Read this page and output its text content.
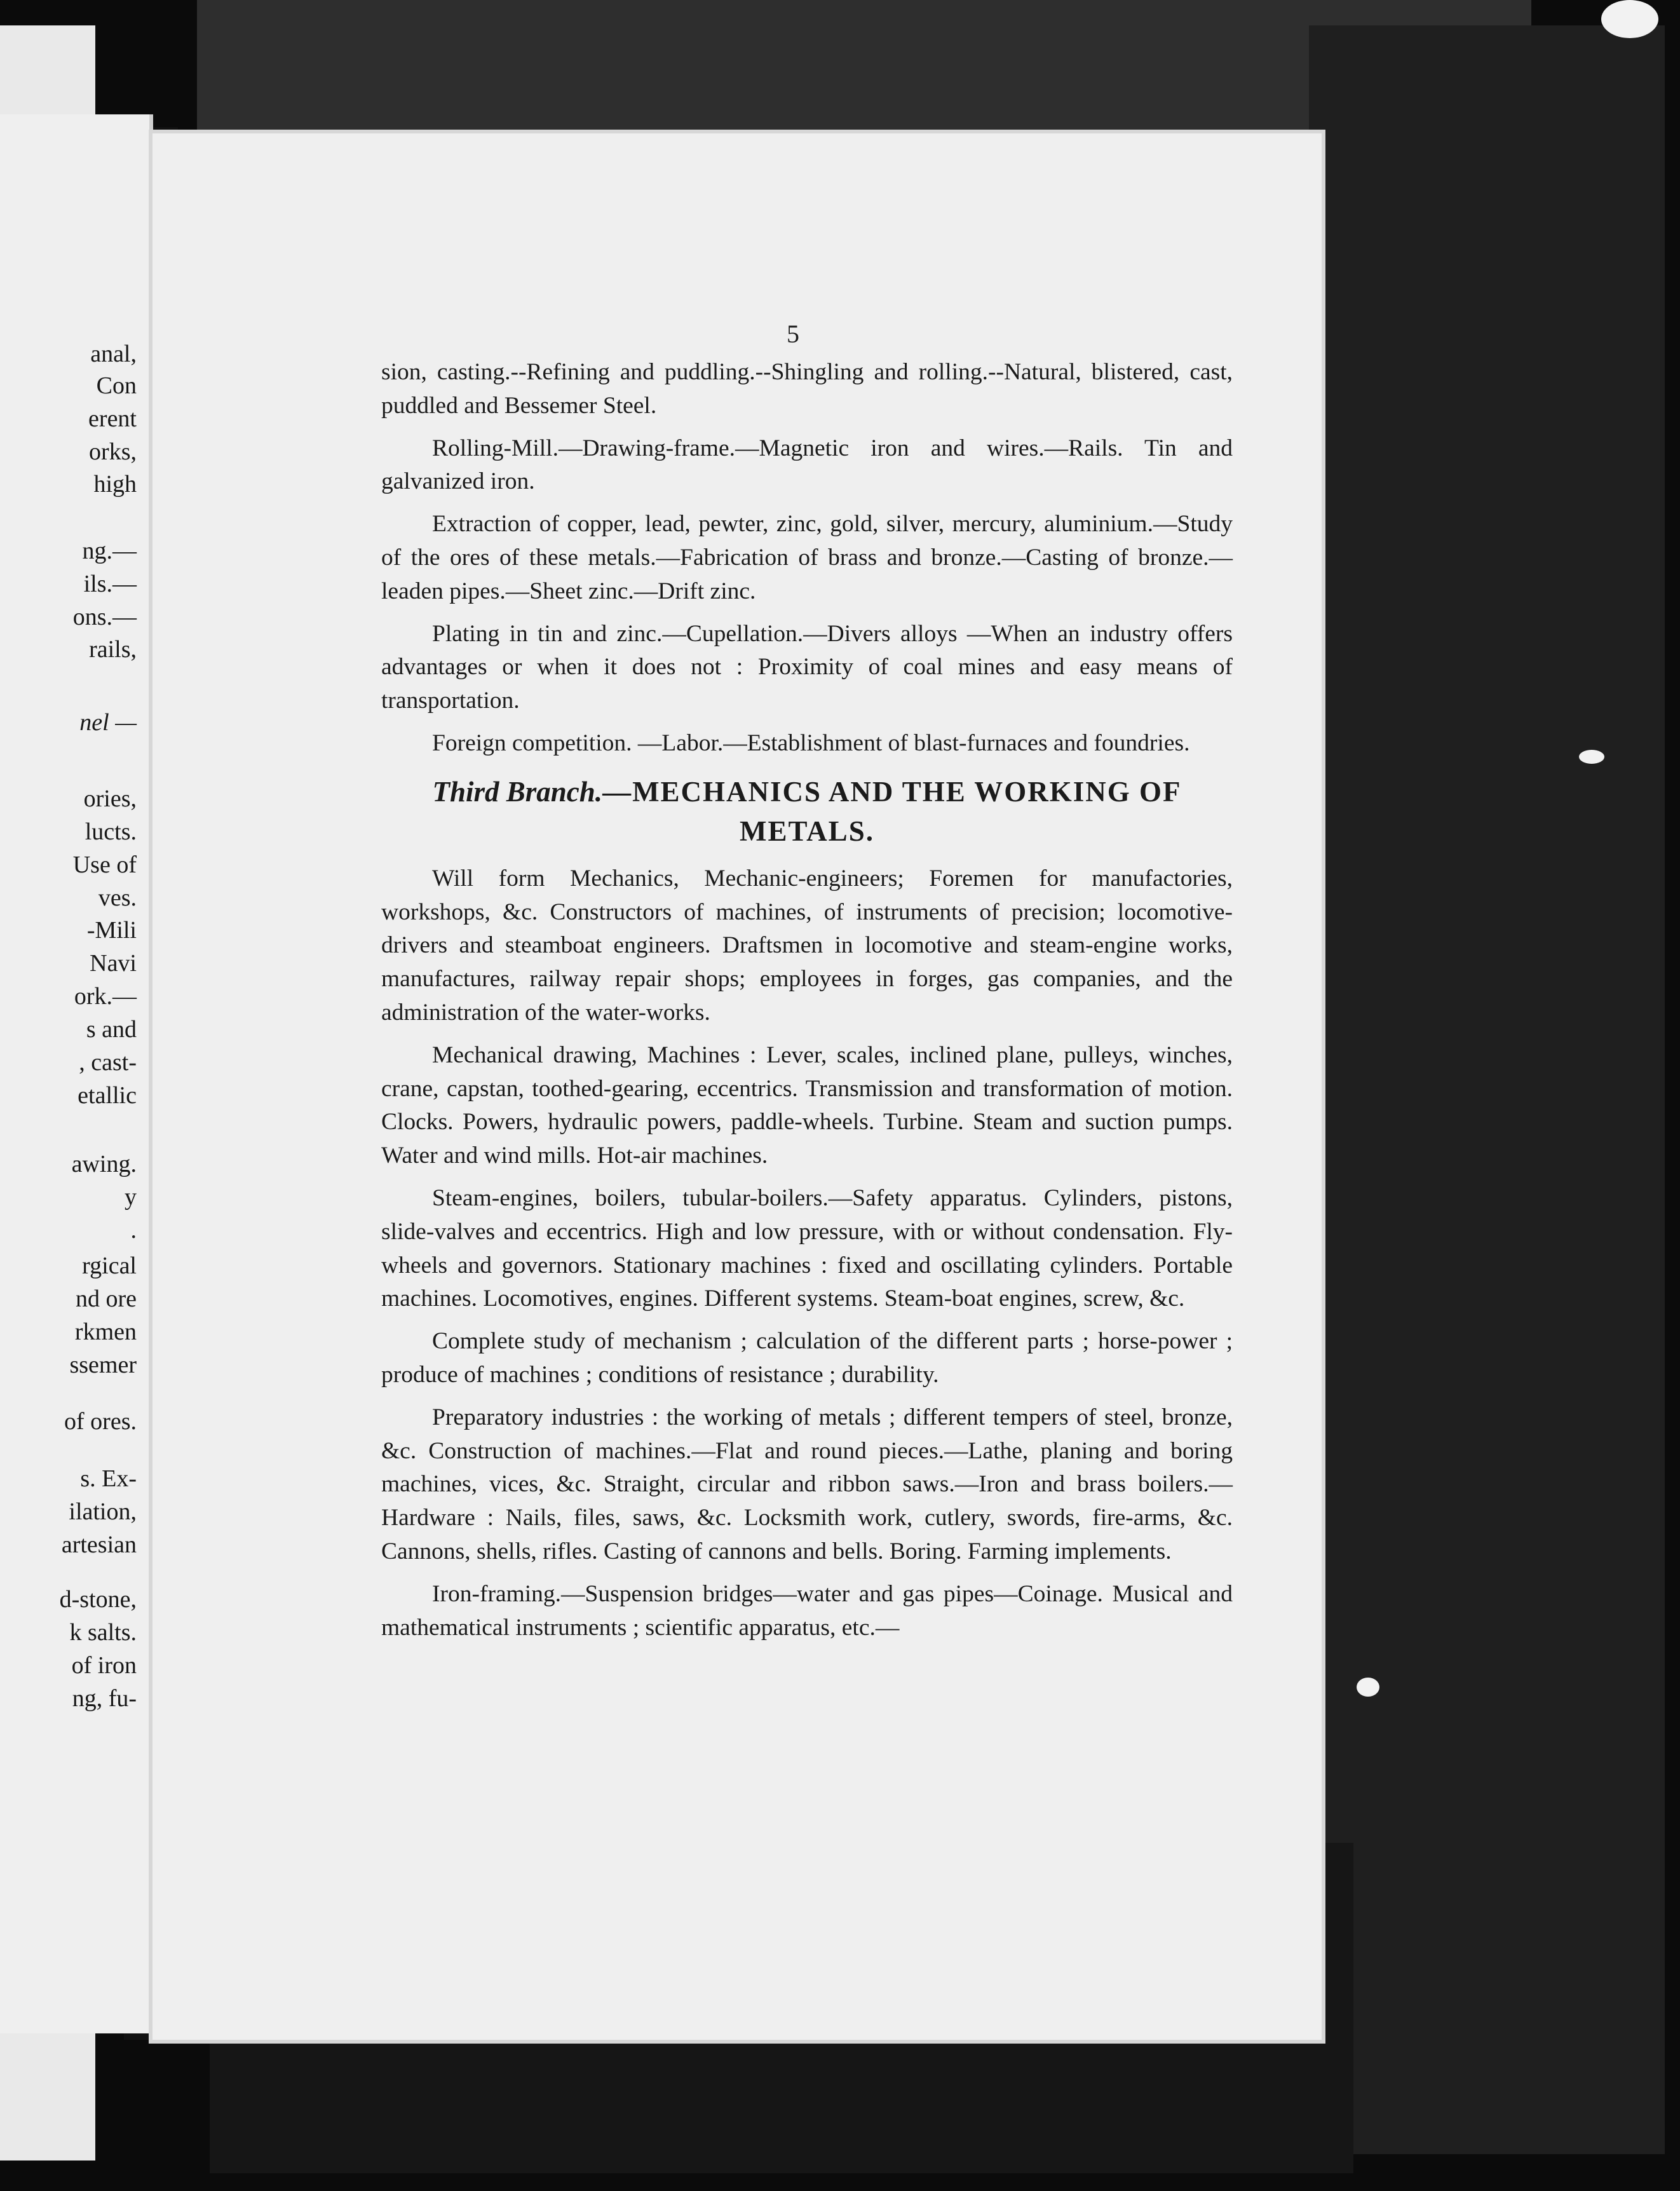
anal,
Con
erent
orks,
high
ng.—
ils.—
ons.—
rails,
nel —
ories,
lucts.
Use of
ves.
-Mili
Navi
ork.—
s and
, cast-
etallic
awing.
y
.
rgical
nd ore
rkmen
ssemer
of ores.
s. Ex-
ilation,
artesian
d-stone,
k salts.
of iron
ng, fu-

5

sion, casting.--Refining and puddling.--Shingling and rolling.--Natural, blistered, cast, puddled and Bessemer Steel.

Rolling-Mill.—Drawing-frame.—Magnetic iron and wires.—Rails. Tin and galvanized iron.

Extraction of copper, lead, pewter, zinc, gold, silver, mercury, aluminium.—Study of the ores of these metals.—Fabrication of brass and bronze.—Casting of bronze.—leaden pipes.—Sheet zinc.—Drift zinc.

Plating in tin and zinc.—Cupellation.—Divers alloys —When an industry offers advantages or when it does not : Proximity of coal mines and easy means of transportation.

Foreign competition. —Labor.—Establishment of blast-furnaces and foundries.

Third Branch.—MECHANICS AND THE WORKING OF METALS.

Will form Mechanics, Mechanic-engineers; Foremen for manufactories, workshops, &c. Constructors of machines, of instruments of precision; locomotive-drivers and steamboat engineers. Draftsmen in locomotive and steam-engine works, manufactures, railway repair shops; employees in forges, gas companies, and the administration of the water-works.

Mechanical drawing, Machines : Lever, scales, inclined plane, pulleys, winches, crane, capstan, toothed-gearing, eccentrics. Transmission and transformation of motion. Clocks. Powers, hydraulic powers, paddle-wheels. Turbine. Steam and suction pumps. Water and wind mills. Hot-air machines.

Steam-engines, boilers, tubular-boilers.—Safety apparatus. Cylinders, pistons, slide-valves and eccentrics. High and low pressure, with or without condensation. Fly-wheels and governors. Stationary machines : fixed and oscillating cylinders. Portable machines. Locomotives, engines. Different systems. Steam-boat engines, screw, &c.

Complete study of mechanism ; calculation of the different parts ; horse-power ; produce of machines ; conditions of resistance ; durability.

Preparatory industries : the working of metals ; different tempers of steel, bronze, &c. Construction of machines.—Flat and round pieces.—Lathe, planing and boring machines, vices, &c. Straight, circular and ribbon saws.—Iron and brass boilers.—Hardware : Nails, files, saws, &c. Locksmith work, cutlery, swords, fire-arms, &c. Cannons, shells, rifles. Casting of cannons and bells. Boring. Farming implements.

Iron-framing.—Suspension bridges—water and gas pipes—Coinage. Musical and mathematical instruments ; scientific apparatus, etc.—
